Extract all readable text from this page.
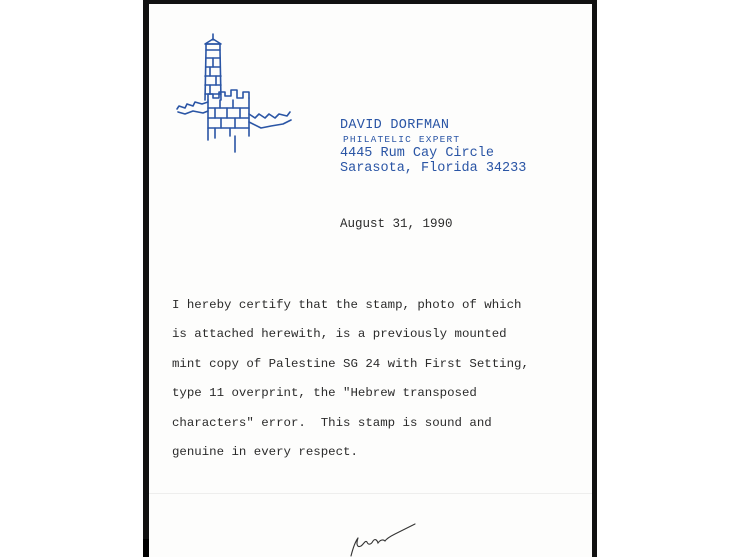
DAVID DORFMAN
PHILATELIC EXPERT
4445 Rum Cay Circle
Sarasota, Florida 34233
August 31, 1990
I hereby certify that the stamp, photo of which
is attached herewith, is a previously mounted
mint copy of Palestine SG 24 with First Setting,
type 11 overprint, the "Hebrew transposed
characters" error.  This stamp is sound and
genuine in every respect.
